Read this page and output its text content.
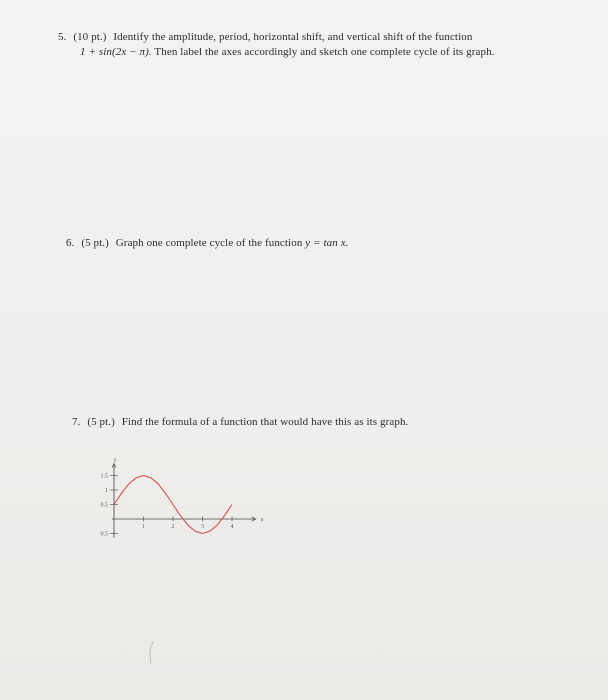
5. (10 pt.) Identify the amplitude, period, horizontal shift, and vertical shift of the function
1 + sin(2x − π). Then label the axes accordingly and sketch one complete cycle of its graph.
6. (5 pt.) Graph one complete cycle of the function y = tan x.
7. (5 pt.) Find the formula of a function that would have this as its graph.
y
x
1	2	3	4
1.5
1
0.5
0.5
